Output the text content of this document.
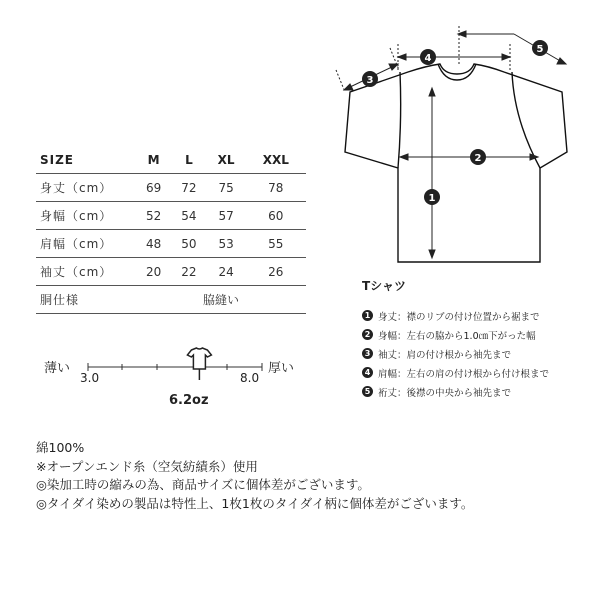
SIZE	M	L	XL	XXL
身丈（cm）	69	72	75	78
身幅（cm）	52	54	57	60
肩幅（cm）	48	50	53	55
袖丈（cm）	20	22	24	26
胴仕様	脇縫い			
薄い	厚い
3.0	8.0
6.2oz
1
2
3
4
5
Tシャツ
1 身丈：襟のリブの付け位置から裾まで
2 身幅：左右の脇から1.0㎝下がった幅
3 袖丈：肩の付け根から袖先まで
4 肩幅：左右の肩の付け根から付け根まで
5 裄丈：後襟の中央から袖先まで
綿100%
※オープンエンド糸（空気紡績糸）使用
◎染加工時の縮みの為、商品サイズに個体差がございます。
◎タイダイ染めの製品は特性上、1枚1枚のタイダイ柄に個体差がございます。
